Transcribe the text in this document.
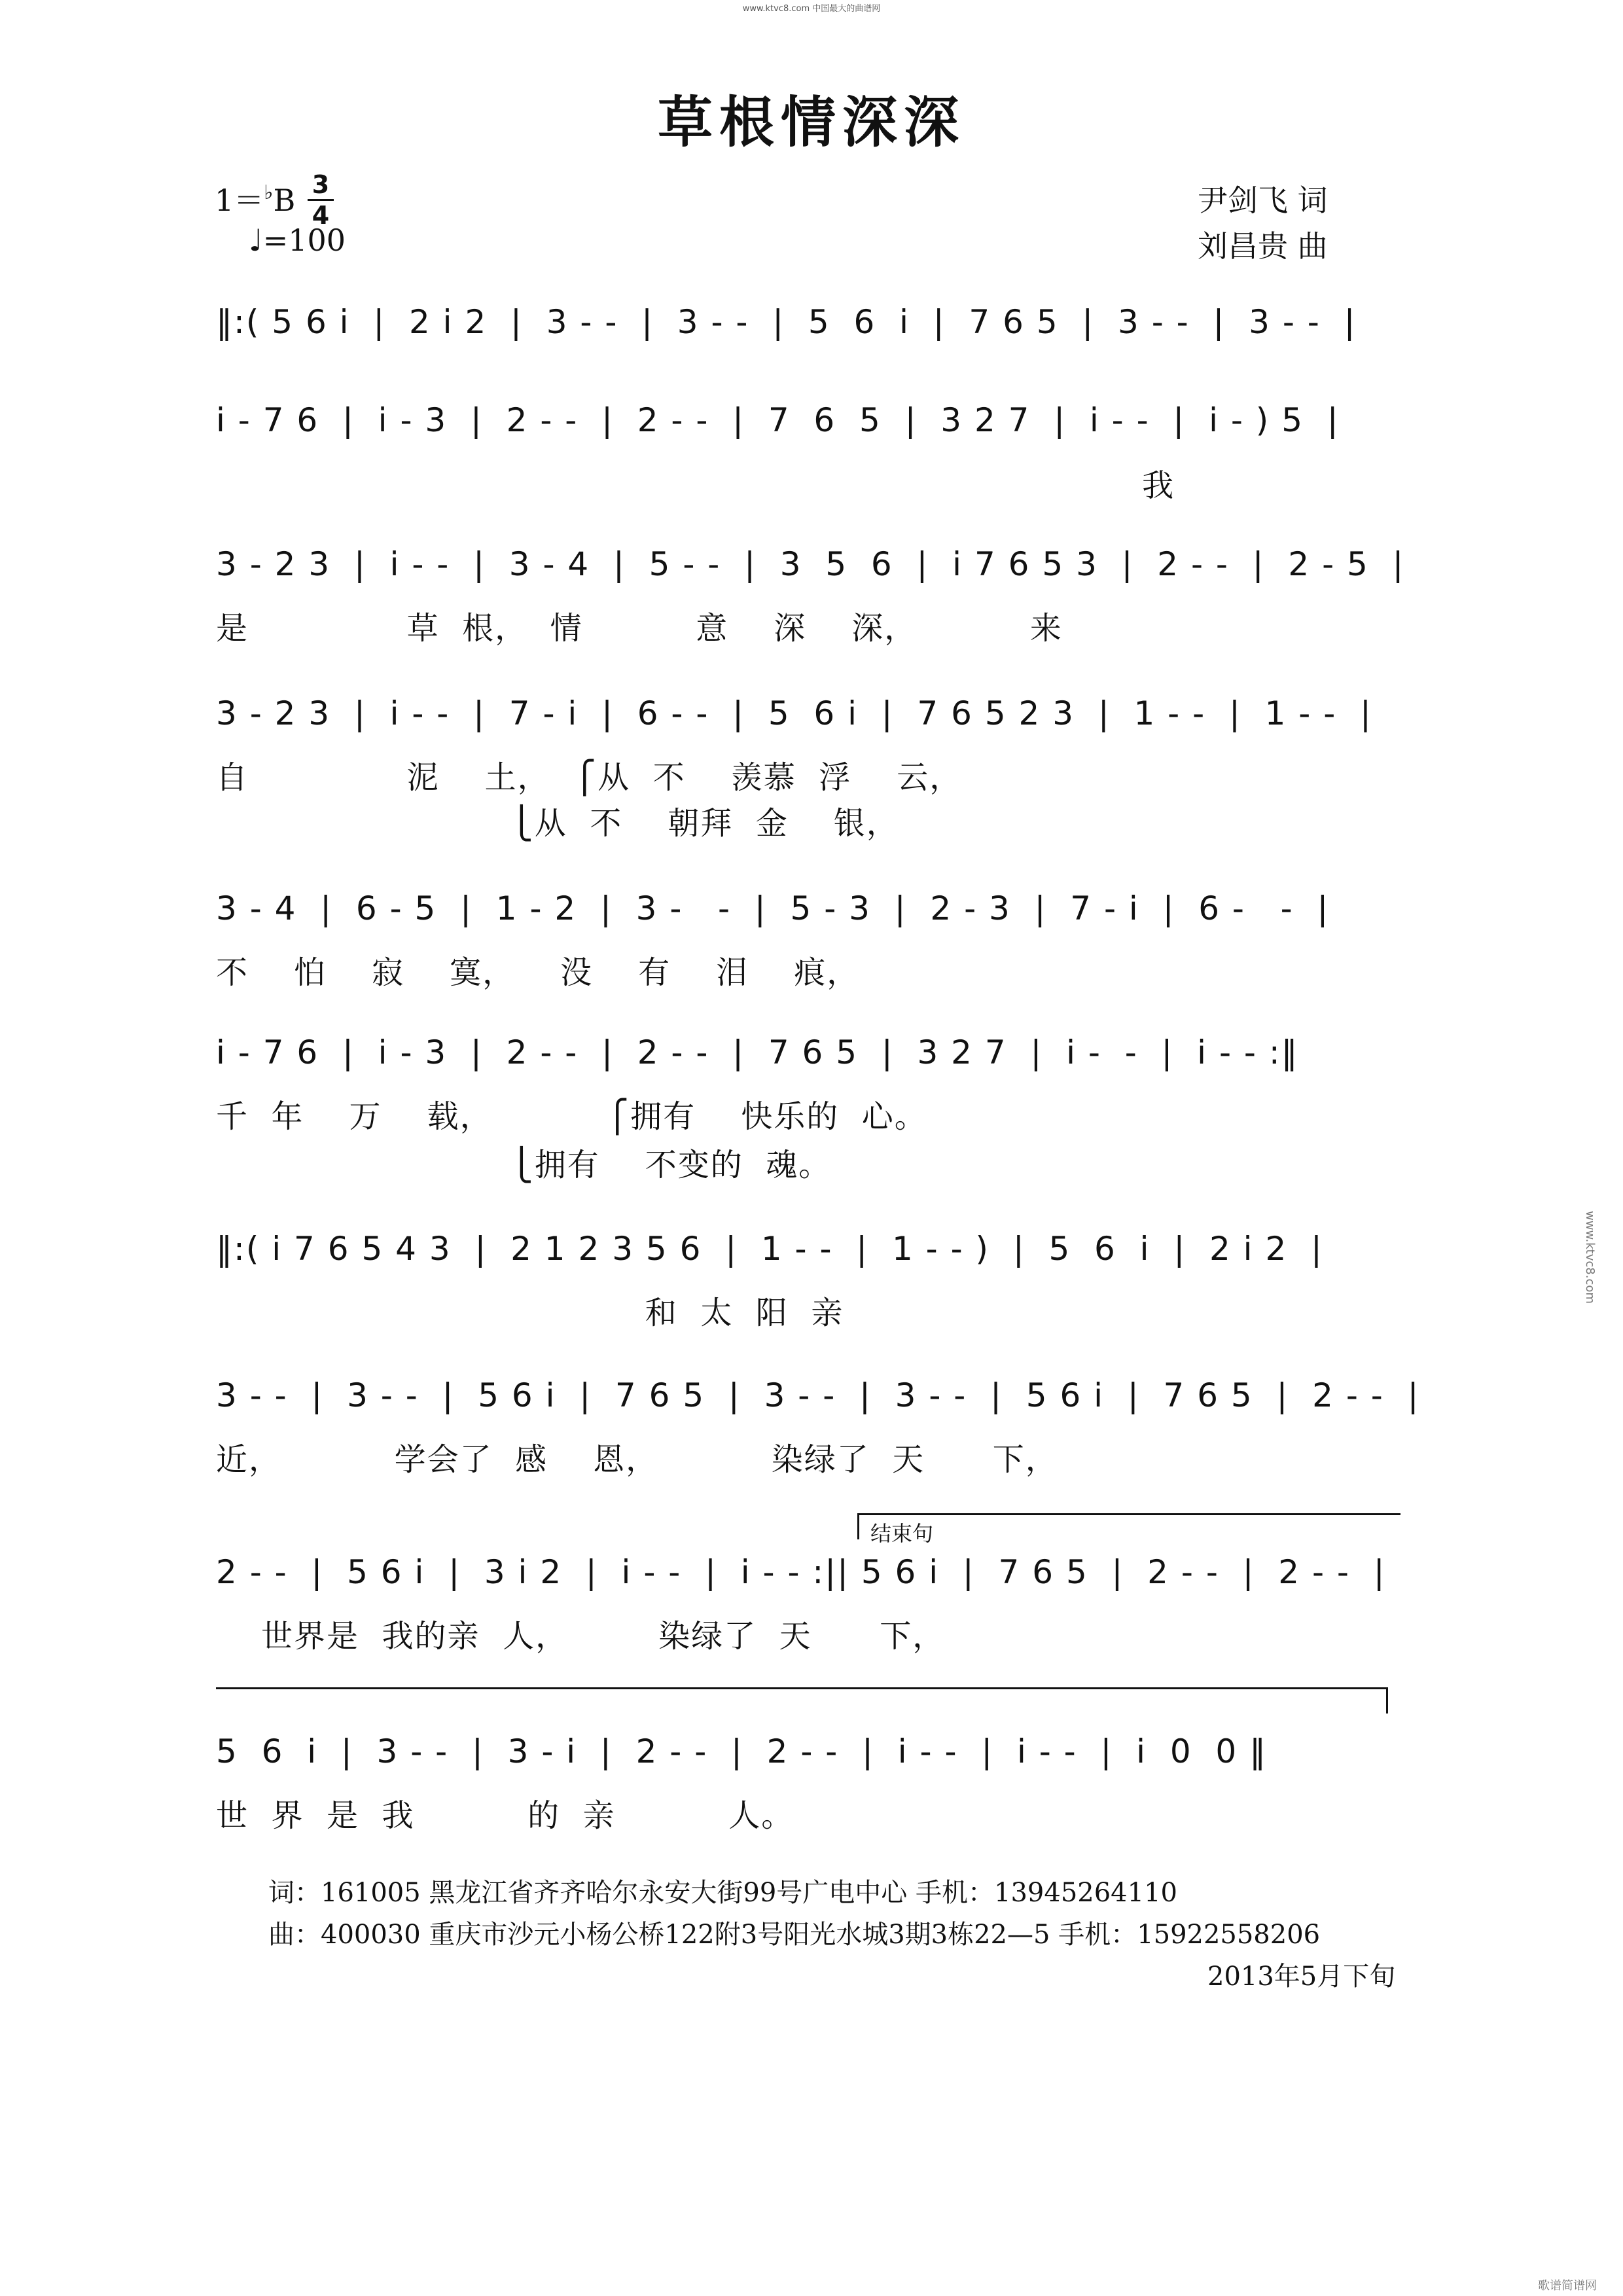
www.ktvc8.com 中国最大的曲谱网
草根情深深
1＝♭B 3
4
♩=100
尹剑飞 词
刘昌贵 曲
‖:( 5 6 i  |  2 i 2  |  3 - -  |  3 - -  |  5  6  i  |  7 6 5  |  3 - -  |  3 - -  |
i - 7 6  |  i - 3  |  2 - -  |  2 - -  |  7  6  5  |  3 2 7  |  i - -  |  i - ) 5  |
我
3 - 2 3  |  i - -  |  3 - 4  |  5 - -  |  3  5  6  |  i 7 6 5 3  |  2 - -  |  2 - 5  |
是              草  根，  情          意    深    深，          来
3 - 2 3  |  i - -  |  7 - i  |  6 - -  |  5  6 i  |  7 6 5 2 3  |  1 - -  |  1 - -  |
自              泥    土，  ⎧从  不    羡慕  浮    云，
⎩从  不    朝拜  金    银，
3 - 4  |  6 - 5  |  1 - 2  |  3 -   -  |  5 - 3  |  2 - 3  |  7 - i  |  6 -   -  |
不    怕    寂    寞，    没    有    泪    痕，
i - 7 6  |  i - 3  |  2 - -  |  2 - -  |  7 6 5  |  3 2 7  |  i -  -  |  i - - :‖
千  年    万    载，          ⎧拥有    快乐的  心。
⎩拥有    不变的  魂。
‖:( i 7 6 5 4 3  |  2 1 2 3 5 6  |  1 - -  |  1 - - )  |  5  6  i  |  2 i 2  |
和  太  阳  亲
3 - -  |  3 - -  |  5 6 i  |  7 6 5  |  3 - -  |  3 - -  |  5 6 i  |  7 6 5  |  2 - -  |
近，          学会了  感    恩，          染绿了  天      下，
结束句
2 - -  |  5 6 i  |  3 i 2  |  i - -  |  i - - :|| 5 6 i  |  7 6 5  |  2 - -  |  2 - -  |
世界是  我的亲  人，        染绿了  天      下，
5  6  i  |  3 - -  |  3 - i  |  2 - -  |  2 - -  |  i - -  |  i - -  |  i  0  0 ‖
世  界  是  我          的  亲          人。
词：161005 黑龙江省齐齐哈尔永安大街99号广电中心 手机：13945264110
曲：400030 重庆市沙元小杨公桥122附3号阳光水城3期3栋22—5 手机：15922558206
2013年5月下旬
www.ktvc8.com
歌谱简谱网
